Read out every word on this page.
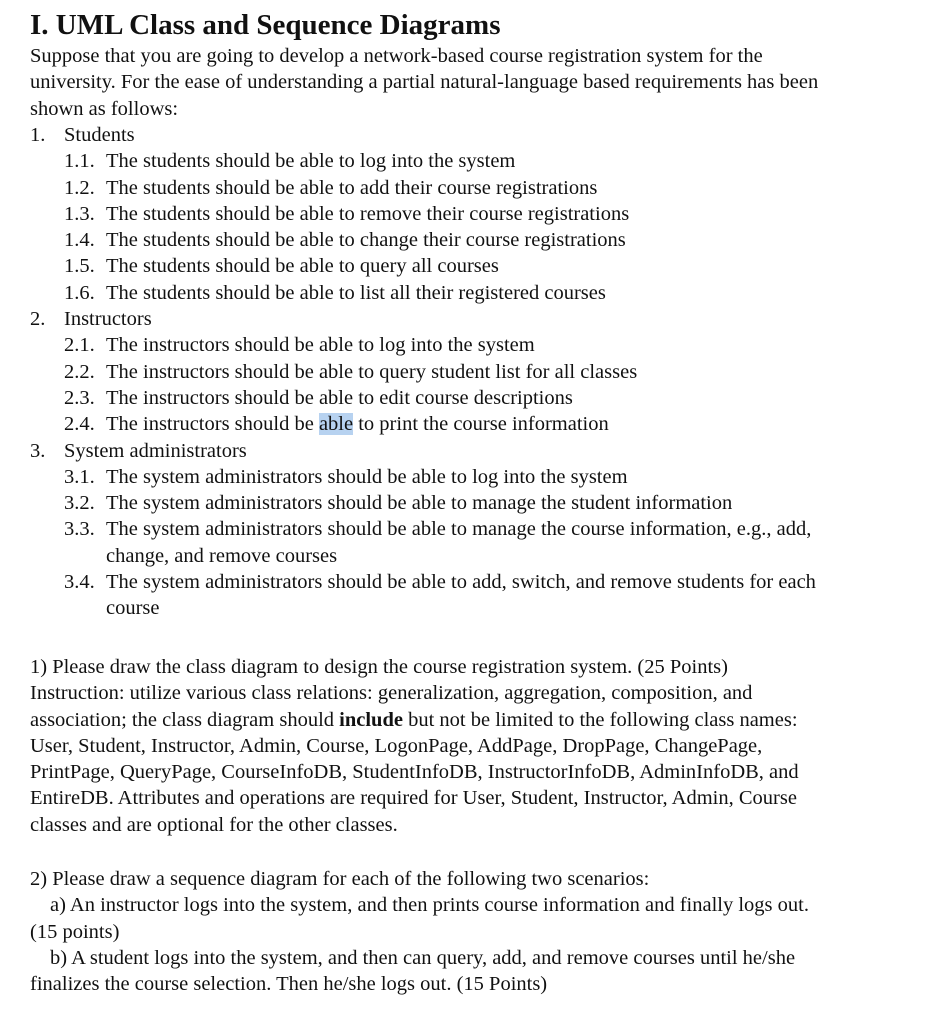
I. UML Class and Sequence Diagrams
Suppose that you are going to develop a network-based course registration system for the
university. For the ease of understanding a partial natural-language based requirements has been
shown as follows:
1. Students
1.1. The students should be able to log into the system
1.2. The students should be able to add their course registrations
1.3. The students should be able to remove their course registrations
1.4. The students should be able to change their course registrations
1.5. The students should be able to query all courses
1.6. The students should be able to list all their registered courses
2. Instructors
2.1. The instructors should be able to log into the system
2.2. The instructors should be able to query student list for all classes
2.3. The instructors should be able to edit course descriptions
2.4. The instructors should be able to print the course information
3. System administrators
3.1. The system administrators should be able to log into the system
3.2. The system administrators should be able to manage the student information
3.3. The system administrators should be able to manage the course information, e.g., add,
change, and remove courses
3.4. The system administrators should be able to add, switch, and remove students for each
course
1) Please draw the class diagram to design the course registration system. (25 Points)
Instruction: utilize various class relations: generalization, aggregation, composition, and
association; the class diagram should include but not be limited to the following class names:
User, Student, Instructor, Admin, Course, LogonPage, AddPage, DropPage, ChangePage,
PrintPage, QueryPage, CourseInfoDB, StudentInfoDB, InstructorInfoDB, AdminInfoDB, and
EntireDB. Attributes and operations are required for User, Student, Instructor, Admin, Course
classes and are optional for the other classes.
2) Please draw a sequence diagram for each of the following two scenarios:
a) An instructor logs into the system, and then prints course information and finally logs out.
(15 points)
b) A student logs into the system, and then can query, add, and remove courses until he/she
finalizes the course selection. Then he/she logs out. (15 Points)
